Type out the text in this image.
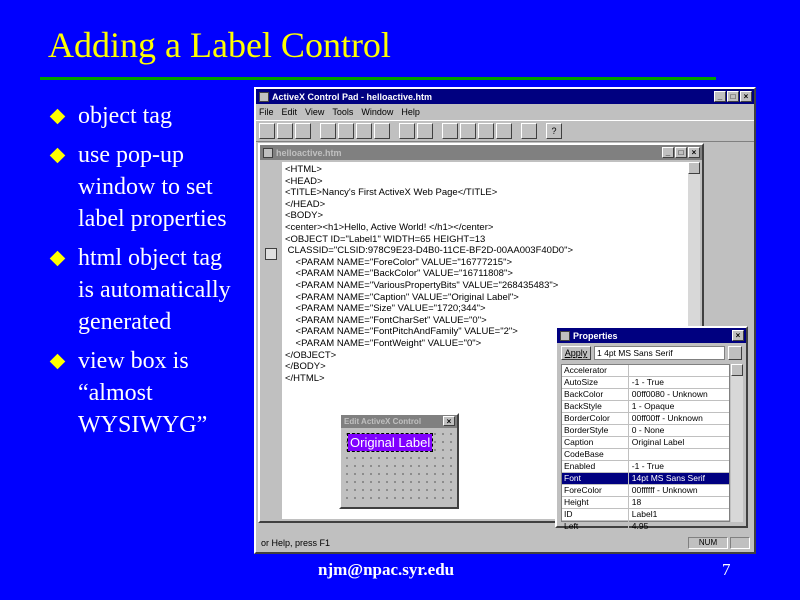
Adding a Label Control
object tag
use pop-up window to set label properties
html object tag is automatically generated
view box is “almost WYSIWYG”
ActiveX Control Pad - helloactive.htm	_	□	×
File Edit View Tools Window Help
?
or Help, press F1	NUM
helloactive.htm	_	□	×
<HTML>
<HEAD>
<TITLE>Nancy's First ActiveX Web Page</TITLE>
</HEAD>
<BODY>
<center><h1>Hello, Active World! </h1></center>
<OBJECT ID="Label1" WIDTH=65 HEIGHT=13
CLASSID="CLSID:978C9E23-D4B0-11CE-BF2D-00AA003F40D0">
<PARAM NAME="ForeColor" VALUE="16777215">
<PARAM NAME="BackColor" VALUE="16711808">
<PARAM NAME="VariousPropertyBits" VALUE="268435483">
<PARAM NAME="Caption" VALUE="Original Label">
<PARAM NAME="Size" VALUE="1720;344">
<PARAM NAME="FontCharSet" VALUE="0">
<PARAM NAME="FontPitchAndFamily" VALUE="2">
<PARAM NAME="FontWeight" VALUE="0">
</OBJECT>
</BODY>
</HTML>
Edit ActiveX Control	×
Original Label
Properties	×
Apply	1 4pt MS Sans Serif
Accelerator
AutoSize	-1 - True
BackColor	00ff0080 - Unknown
BackStyle	1 - Opaque
BorderColor	00ff00ff - Unknown
BorderStyle	0 - None
Caption	Original Label
CodeBase
Enabled	-1 - True
Font	14pt MS Sans Serif
ForeColor	00ffffff - Unknown
Height	18
ID	Label1
Left	4.95
njm@npac.syr.edu	7
